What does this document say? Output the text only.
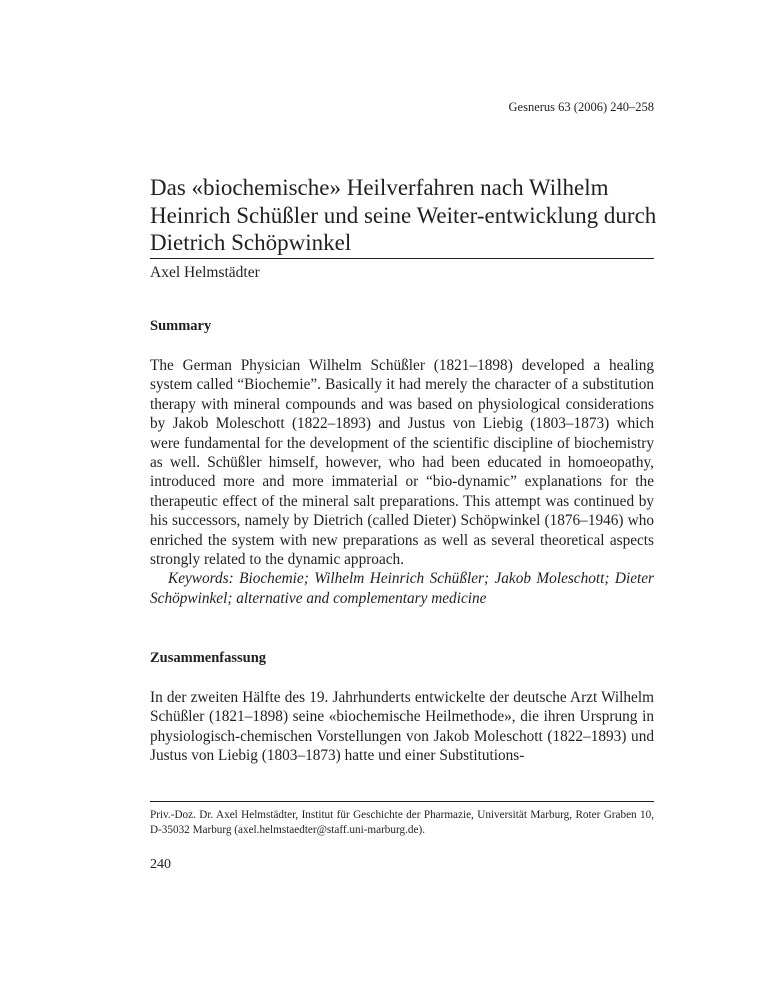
Gesnerus 63 (2006) 240–258
Das «biochemische» Heilverfahren nach Wilhelm Heinrich Schüßler und seine Weiter-entwicklung durch Dietrich Schöpwinkel
Axel Helmstädter
Summary
The German Physician Wilhelm Schüßler (1821–1898) developed a healing system called “Biochemie”. Basically it had merely the character of a substitution therapy with mineral compounds and was based on physiological considerations by Jakob Moleschott (1822–1893) and Justus von Liebig (1803–1873) which were fundamental for the development of the scientific discipline of biochemistry as well. Schüßler himself, however, who had been educated in homoeopathy, introduced more and more immaterial or “bio-dynamic” explanations for the therapeutic effect of the mineral salt preparations. This attempt was continued by his successors, namely by Dietrich (called Dieter) Schöpwinkel (1876–1946) who enriched the system with new preparations as well as several theoretical aspects strongly related to the dynamic approach.
Keywords: Biochemie; Wilhelm Heinrich Schüßler; Jakob Moleschott; Dieter Schöpwinkel; alternative and complementary medicine
Zusammenfassung

In der zweiten Hälfte des 19. Jahrhunderts entwickelte der deutsche Arzt Wilhelm Schüßler (1821–1898) seine «biochemische Heilmethode», die ihren Ursprung in physiologisch-chemischen Vorstellungen von Jakob Moleschott (1822–1893) und Justus von Liebig (1803–1873) hatte und einer Substitutions-

Priv.-Doz. Dr. Axel Helmstädter, Institut für Geschichte der Pharmazie, Universität Marburg, Roter Graben 10, D-35032 Marburg (axel.helmstaedter@staff.uni-marburg.de).

240
